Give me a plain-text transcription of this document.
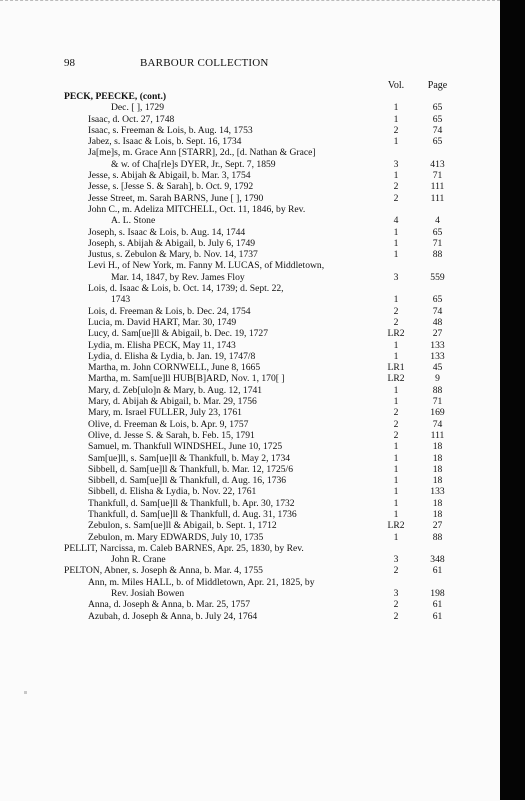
98	BARBOUR COLLECTION
Vol.	Page
PECK, PEECKE, (cont.)
Dec. [ ], 1729	1	65
Isaac, d. Oct. 27, 1748	1	65
Isaac, s. Freeman & Lois, b. Aug. 14, 1753	2	74
Jabez, s. Isaac & Lois, b. Sept. 16, 1734	1	65
Ja[me]s, m. Grace Ann [STARR], 2d., [d. Nathan & Grace]
& w. of Cha[rle]s DYER, Jr., Sept. 7, 1859	3	413
Jesse, s. Abijah & Abigail, b. Mar. 3, 1754	1	71
Jesse, s. [Jesse S. & Sarah], b. Oct. 9, 1792	2	111
Jesse Street, m. Sarah BARNS, June [ ], 1790	2	111
John C., m. Adeliza MITCHELL, Oct. 11, 1846, by Rev.
A. L. Stone	4	4
Joseph, s. Isaac & Lois, b. Aug. 14, 1744	1	65
Joseph, s. Abijah & Abigail, b. July 6, 1749	1	71
Justus, s. Zebulon & Mary, b. Nov. 14, 1737	1	88
Levi H., of New York, m. Fanny M. LUCAS, of Middletown,
Mar. 14, 1847, by Rev. James Floy	3	559
Lois, d. Isaac & Lois, b. Oct. 14, 1739; d. Sept. 22,
1743	1	65
Lois, d. Freeman & Lois, b. Dec. 24, 1754	2	74
Lucia, m. David HART, Mar. 30, 1749	2	48
Lucy, d. Sam[ue]ll & Abigail, b. Dec. 19, 1727	LR2	27
Lydia, m. Elisha PECK, May 11, 1743	1	133
Lydia, d. Elisha & Lydia, b. Jan. 19, 1747/8	1	133
Martha, m. John CORNWELL, June 8, 1665	LR1	45
Martha, m. Sam[ue]ll HUB[B]ARD, Nov. 1, 170[ ]	LR2	9
Mary, d. Zeb[ulo]n & Mary, b. Aug. 12, 1741	1	88
Mary, d. Abijah & Abigail, b. Mar. 29, 1756	1	71
Mary, m. Israel FULLER, July 23, 1761	2	169
Olive, d. Freeman & Lois, b. Apr. 9, 1757	2	74
Olive, d. Jesse S. & Sarah, b. Feb. 15, 1791	2	111
Samuel, m. Thankfull WINDSHEL, June 10, 1725	1	18
Sam[ue]ll, s. Sam[ue]ll & Thankfull, b. May 2, 1734	1	18
Sibbell, d. Sam[ue]ll & Thankfull, b. Mar. 12, 1725/6	1	18
Sibbell, d. Sam[ue]ll & Thankfull, d. Aug. 16, 1736	1	18
Sibbell, d. Elisha & Lydia, b. Nov. 22, 1761	1	133
Thankfull, d. Sam[ue]ll & Thankfull, b. Apr. 30, 1732	1	18
Thankfull, d. Sam[ue]ll & Thankfull, d. Aug. 31, 1736	1	18
Zebulon, s. Sam[ue]ll & Abigail, b. Sept. 1, 1712	LR2	27
Zebulon, m. Mary EDWARDS, July 10, 1735	1	88
PELLIT, Narcissa, m. Caleb BARNES, Apr. 25, 1830, by Rev.
John R. Crane	3	348
PELTON, Abner, s. Joseph & Anna, b. Mar. 4, 1755	2	61
Ann, m. Miles HALL, b. of Middletown, Apr. 21, 1825, by
Rev. Josiah Bowen	3	198
Anna, d. Joseph & Anna, b. Mar. 25, 1757	2	61
Azubah, d. Joseph & Anna, b. July 24, 1764	2	61
